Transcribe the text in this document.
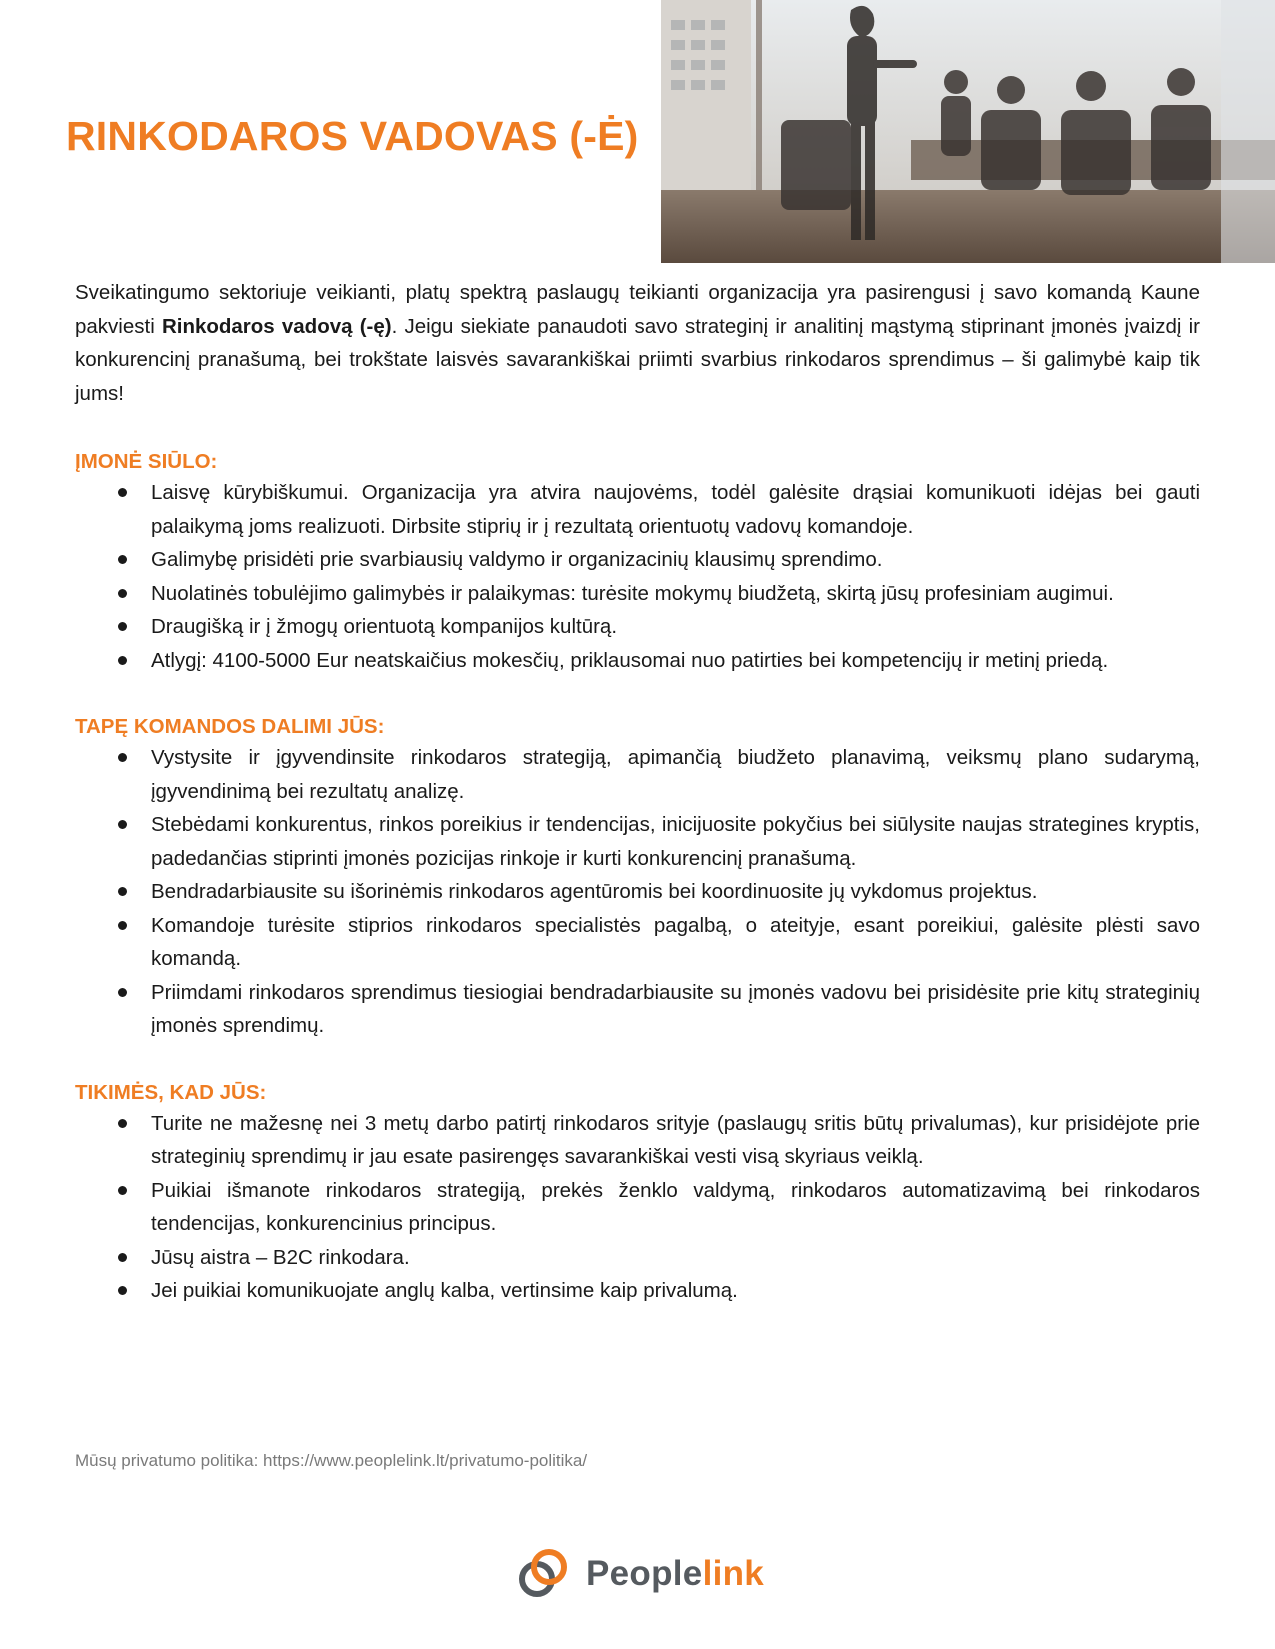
RINKODAROS VADOVAS (-Ė)

Sveikatingumo sektoriuje veikianti, platų spektrą paslaugų teikianti organizacija yra pasirengusi į savo komandą Kaune pakviesti Rinkodaros vadovą (-ę). Jeigu siekiate panaudoti savo strateginį ir analitinį mąstymą stiprinant įmonės įvaizdį ir konkurencinį pranašumą, bei trokštate laisvės savarankiškai priimti svarbius rinkodaros sprendimus – ši galimybė kaip tik jums!

ĮMONĖ SIŪLO:
Laisvę kūrybiškumui. Organizacija yra atvira naujovėms, todėl galėsite drąsiai komunikuoti idėjas bei gauti palaikymą joms realizuoti. Dirbsite stiprių ir į rezultatą orientuotų vadovų komandoje.
Galimybę prisidėti prie svarbiausių valdymo ir organizacinių klausimų sprendimo.
Nuolatinės tobulėjimo galimybės ir palaikymas: turėsite mokymų biudžetą, skirtą jūsų profesiniam augimui.
Draugišką ir į žmogų orientuotą kompanijos kultūrą.
Atlygį: 4100-5000 Eur neatskaičius mokesčių, priklausomai nuo patirties bei kompetencijų ir metinį priedą.
TAPĘ KOMANDOS DALIMI JŪS:
Vystysite ir įgyvendinsite rinkodaros strategiją, apimančią biudžeto planavimą, veiksmų plano sudarymą, įgyvendinimą bei rezultatų analizę.
Stebėdami konkurentus, rinkos poreikius ir tendencijas, inicijuosite pokyčius bei siūlysite naujas strategines kryptis, padedančias stiprinti įmonės pozicijas rinkoje ir kurti konkurencinį pranašumą.
Bendradarbiausite su išorinėmis rinkodaros agentūromis bei koordinuosite jų vykdomus projektus.
Komandoje turėsite stiprios rinkodaros specialistės pagalbą, o ateityje, esant poreikiui, galėsite plėsti savo komandą.
Priimdami rinkodaros sprendimus tiesiogiai bendradarbiausite su įmonės vadovu bei prisidėsite prie kitų strateginių įmonės sprendimų.
TIKIMĖS, KAD JŪS:
Turite ne mažesnę nei 3 metų darbo patirtį rinkodaros srityje (paslaugų sritis būtų privalumas), kur prisidėjote prie strateginių sprendimų ir jau esate pasirengęs savarankiškai vesti visą skyriaus veiklą.
Puikiai išmanote rinkodaros strategiją, prekės ženklo valdymą, rinkodaros automatizavimą bei rinkodaros tendencijas, konkurencinius principus.
Jūsų aistra – B2C rinkodara.
Jei puikiai komunikuojate anglų kalba, vertinsime kaip privalumą.

Mūsų privatumo politika: https://www.peoplelink.lt/privatumo-politika/

Peoplelink
